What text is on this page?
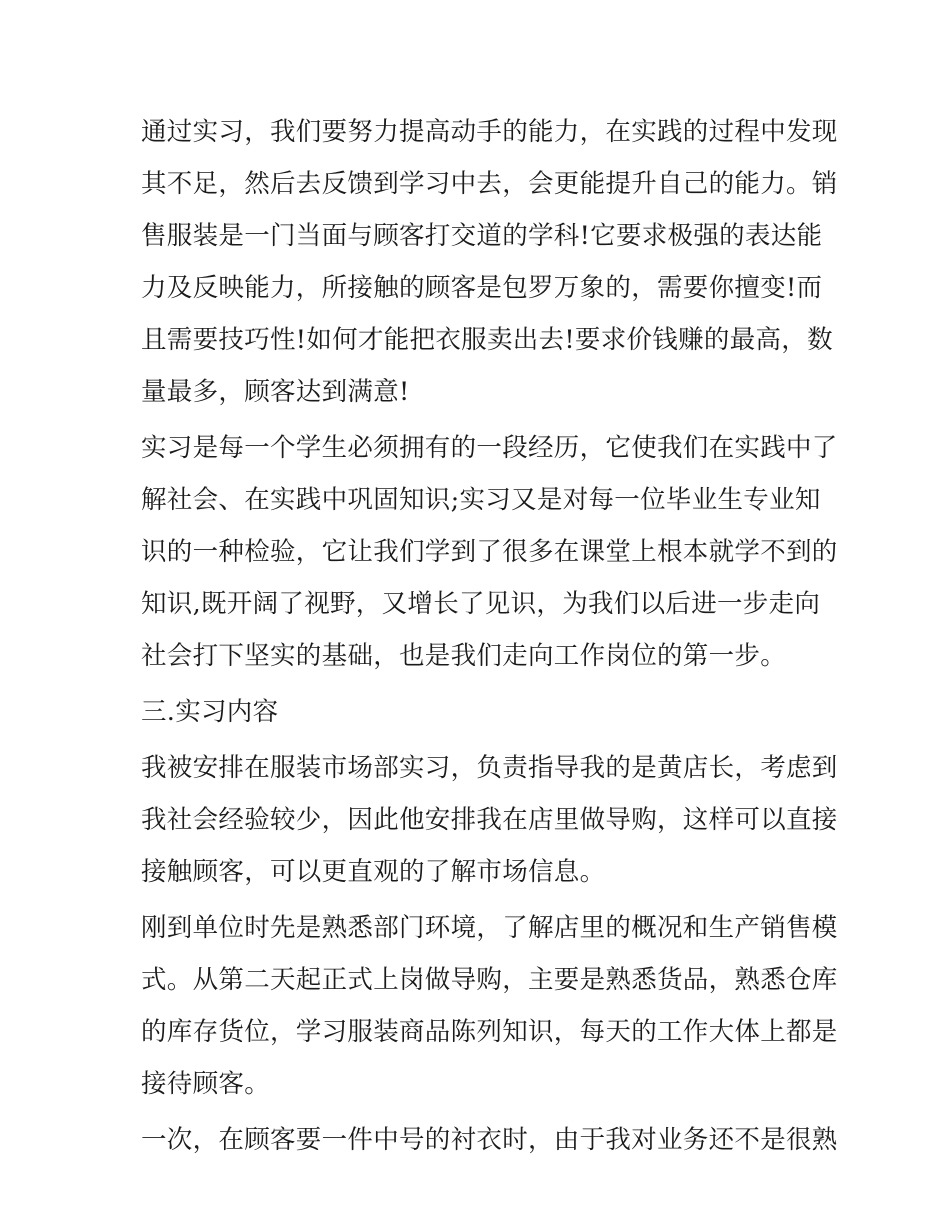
通过实习，我们要努力提高动手的能力，在实践的过程中发现
其不足，然后去反馈到学习中去，会更能提升自己的能力。销
售服装是一门当面与顾客打交道的学科!它要求极强的表达能
力及反映能力，所接触的顾客是包罗万象的，需要你擅变!而
且需要技巧性!如何才能把衣服卖出去!要求价钱赚的最高，数
量最多，顾客达到满意!

实习是每一个学生必须拥有的一段经历，它使我们在实践中了
解社会、在实践中巩固知识;实习又是对每一位毕业生专业知
识的一种检验，它让我们学到了很多在课堂上根本就学不到的
知识,既开阔了视野，又增长了见识，为我们以后进一步走向
社会打下坚实的基础，也是我们走向工作岗位的第一步。

三.实习内容

我被安排在服装市场部实习，负责指导我的是黄店长，考虑到
我社会经验较少，因此他安排我在店里做导购，这样可以直接
接触顾客，可以更直观的了解市场信息。

刚到单位时先是熟悉部门环境，了解店里的概况和生产销售模
式。从第二天起正式上岗做导购，主要是熟悉货品，熟悉仓库
的库存货位，学习服装商品陈列知识，每天的工作大体上都是
接待顾客。

一次，在顾客要一件中号的衬衣时，由于我对业务还不是很熟
